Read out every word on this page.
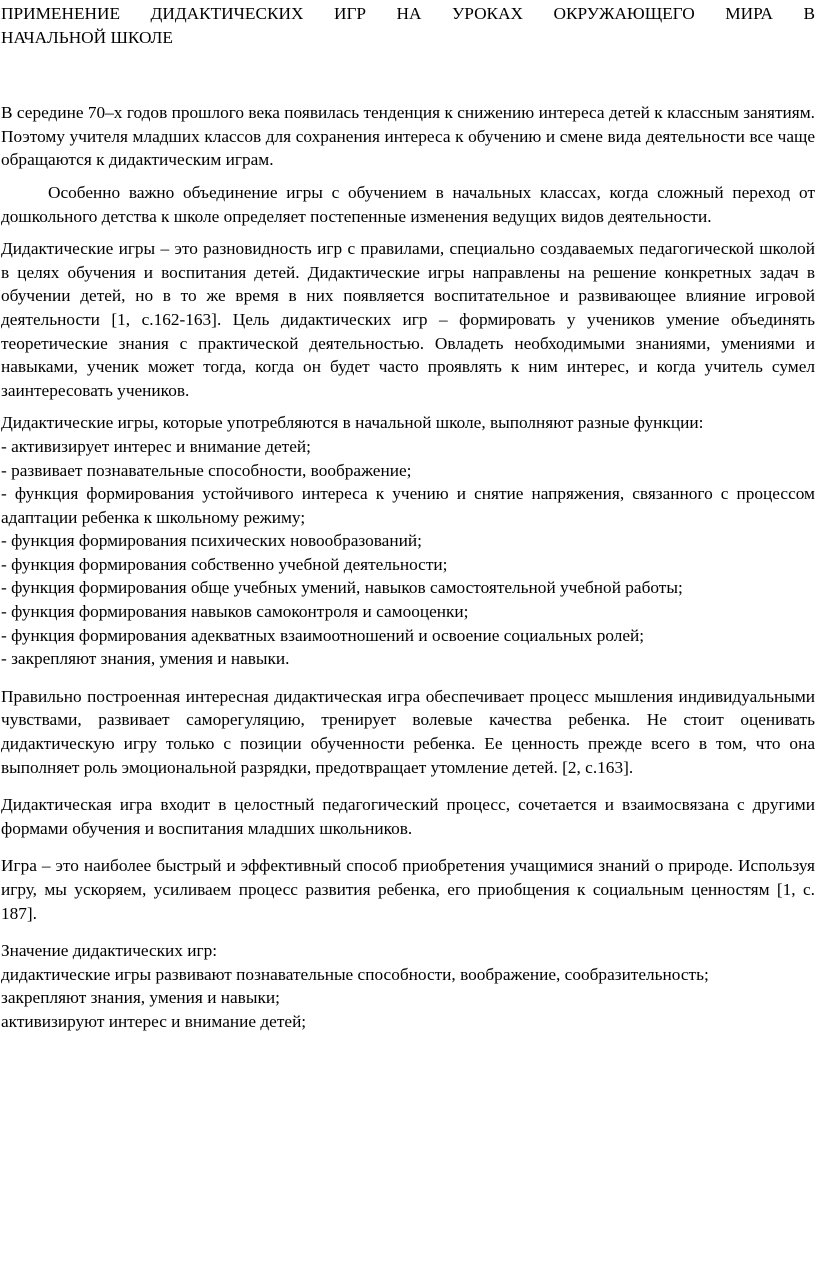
ПРИМЕНЕНИЕ ДИДАКТИЧЕСКИХ ИГР НА УРОКАХ ОКРУЖАЮЩЕГО МИРА В
НАЧАЛЬНОЙ ШКОЛЕ

В середине 70–х годов прошлого века появилась тенденция к снижению интереса детей к классным занятиям. Поэтому учителя младших классов для сохранения интереса к обучению и смене вида деятельности все чаще обращаются к дидактическим играм.

Особенно важно объединение игры с обучением в начальных классах, когда сложный переход от дошкольного детства к школе определяет постепенные изменения ведущих видов деятельности.

Дидактические игры – это разновидность игр с правилами, специально создаваемых педагогической школой в целях обучения и воспитания детей. Дидактические игры направлены на решение конкретных задач в обучении детей, но в то же время в них появляется воспитательное и развивающее влияние игровой деятельности [1, с.162-163]. Цель дидактических игр – формировать у учеников умение объединять теоретические знания с практической деятельностью. Овладеть необходимыми знаниями, умениями и навыками, ученик может тогда, когда он будет часто проявлять к ним интерес, и когда учитель сумел заинтересовать учеников.

Дидактические игры, которые употребляются в начальной школе, выполняют разные функции:

- активизирует интерес и внимание детей;

- развивает познавательные способности, воображение;

- функция формирования устойчивого интереса к учению и снятие напряжения, связанного с процессом адаптации ребенка к школьному режиму;

- функция формирования психических новообразований;

- функция формирования собственно учебной деятельности;

- функция формирования обще учебных умений, навыков самостоятельной учебной работы;

- функция формирования навыков самоконтроля и самооценки;

- функция формирования адекватных взаимоотношений и освоение социальных ролей;

- закрепляют знания, умения и навыки.

Правильно построенная интересная дидактическая игра обеспечивает процесс мышления индивидуальными чувствами, развивает саморегуляцию, тренирует волевые качества ребенка. Не стоит оценивать дидактическую игру только с позиции обученности ребенка. Ее ценность прежде всего в том, что она выполняет роль эмоциональной разрядки, предотвращает утомление детей. [2, с.163].

Дидактическая игра входит в целостный педагогический процесс, сочетается и взаимосвязана с другими формами обучения и воспитания младших школьников.

Игра – это наиболее быстрый и эффективный способ приобретения учащимися знаний о природе. Используя игру, мы ускоряем, усиливаем процесс развития ребенка, его приобщения к социальным ценностям [1, с. 187].

Значение дидактических игр:

дидактические игры развивают познавательные способности, воображение, сообразительность;

закрепляют знания, умения и навыки;

активизируют интерес и внимание детей;
